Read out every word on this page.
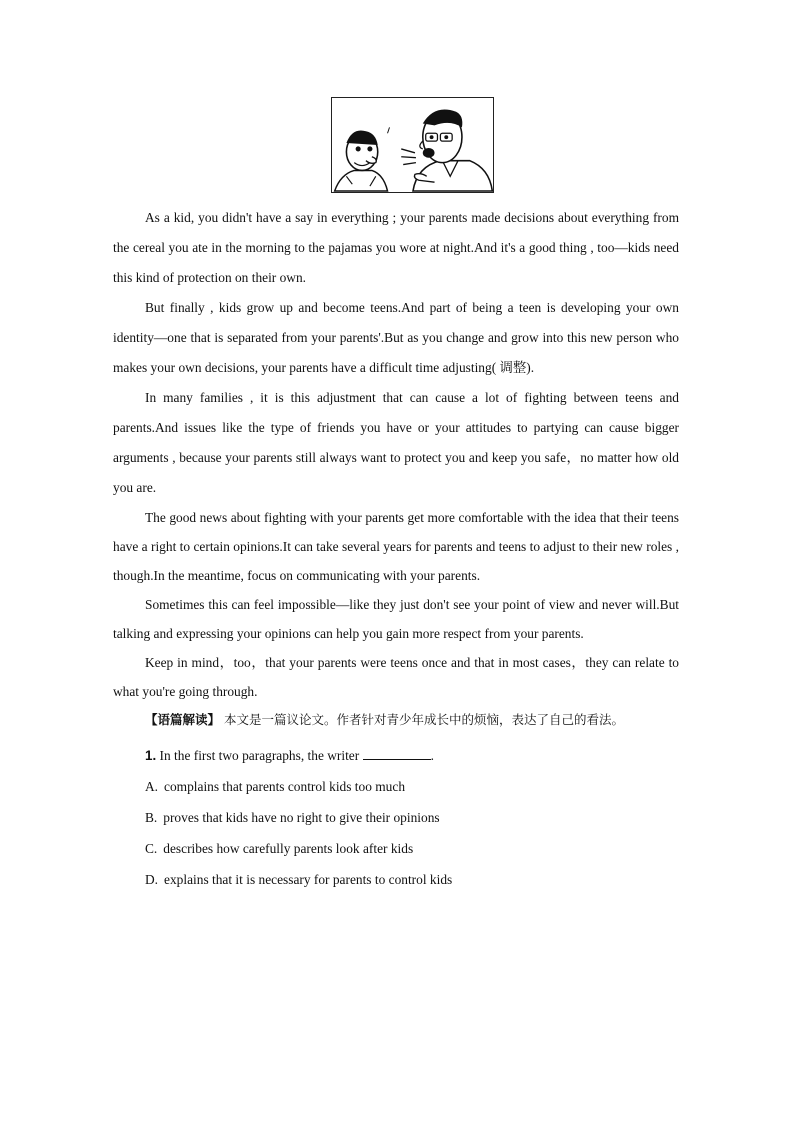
As a kid, you didn't have a say in everything ; your parents made decisions about everything from the cereal you ate in the morning to the pajamas you wore at night.And it's a good thing , too—kids need this kind of protection on their own.

But finally , kids grow up and become teens.And part of being a teen is developing your own identity—one that is separated from your parents'.But as you change and grow into this new person who makes your own decisions, your parents have a difficult time adjusting( 调整).

In many families , it is this adjustment that can cause a lot of fighting between teens and parents.And issues like the type of friends you have or your attitudes to partying can cause bigger arguments , because your parents still always want to protect you and keep you safe，no matter how old you are.

The good news about fighting with your parents get more comfortable with the idea that their teens have a right to certain opinions.It can take several years for parents and teens to adjust to their new roles , though.In the meantime, focus on communicating with your parents.

Sometimes this can feel impossible—like they just don't see your point of view and never will.But talking and expressing your opinions can help you gain more respect from your parents.

Keep in mind，too，that your parents were teens once and that in most cases，they can relate to what you're going through.

【语篇解读】 本文是一篇议论文。作者针对青少年成长中的烦恼，表达了自己的看法。
1. In the first two paragraphs, the writer	.
A. complains that parents control kids too much
B. proves that kids have no right to give their opinions
C. describes how carefully parents look after kids
D. explains that it is necessary for parents to control kids
